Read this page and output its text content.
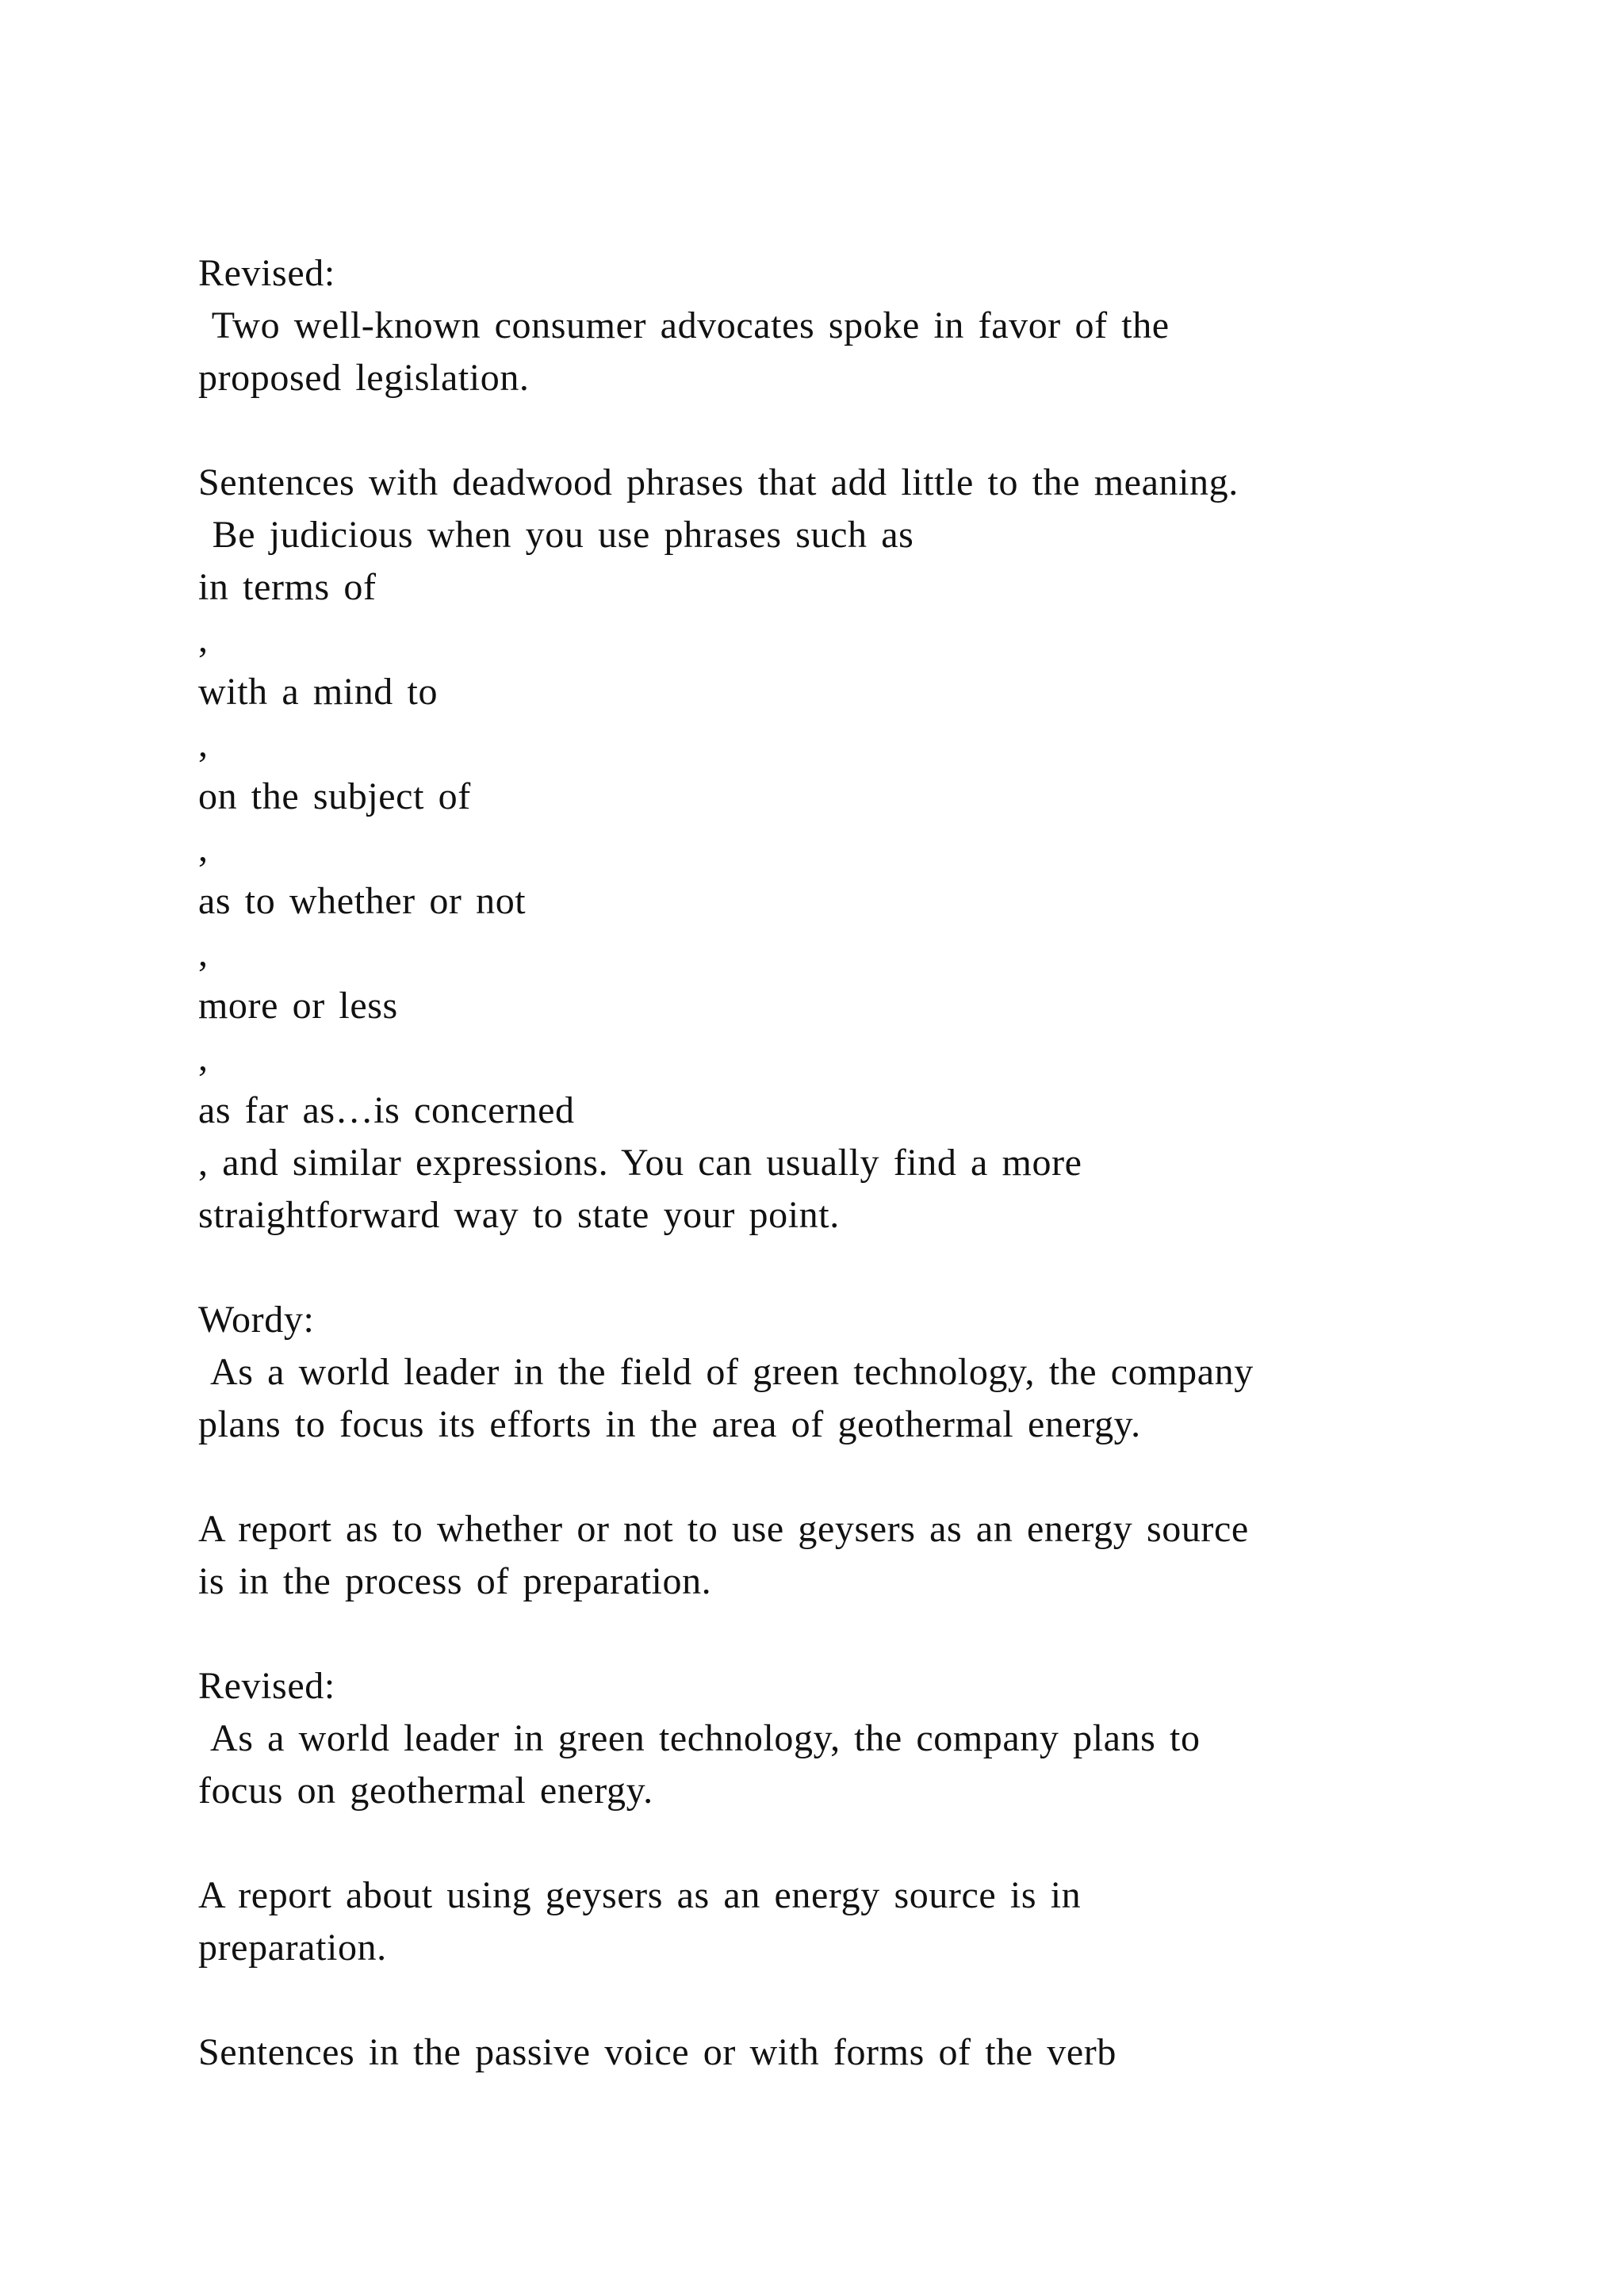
Revised:
Two well-known consumer advocates spoke in favor of the
proposed legislation.
Sentences with deadwood phrases that add little to the meaning.
Be judicious when you use phrases such as
in terms of
,
with a mind to
,
on the subject of
,
as to whether or not
,
more or less
,
as far as…is concerned
, and similar expressions. You can usually find a more
straightforward way to state your point.
Wordy:
As a world leader in the field of green technology, the company
plans to focus its efforts in the area of geothermal energy.
A report as to whether or not to use geysers as an energy source
is in the process of preparation.
Revised:
As a world leader in green technology, the company plans to
focus on geothermal energy.
A report about using geysers as an energy source is in
preparation.
Sentences in the passive voice or with forms of the verb
